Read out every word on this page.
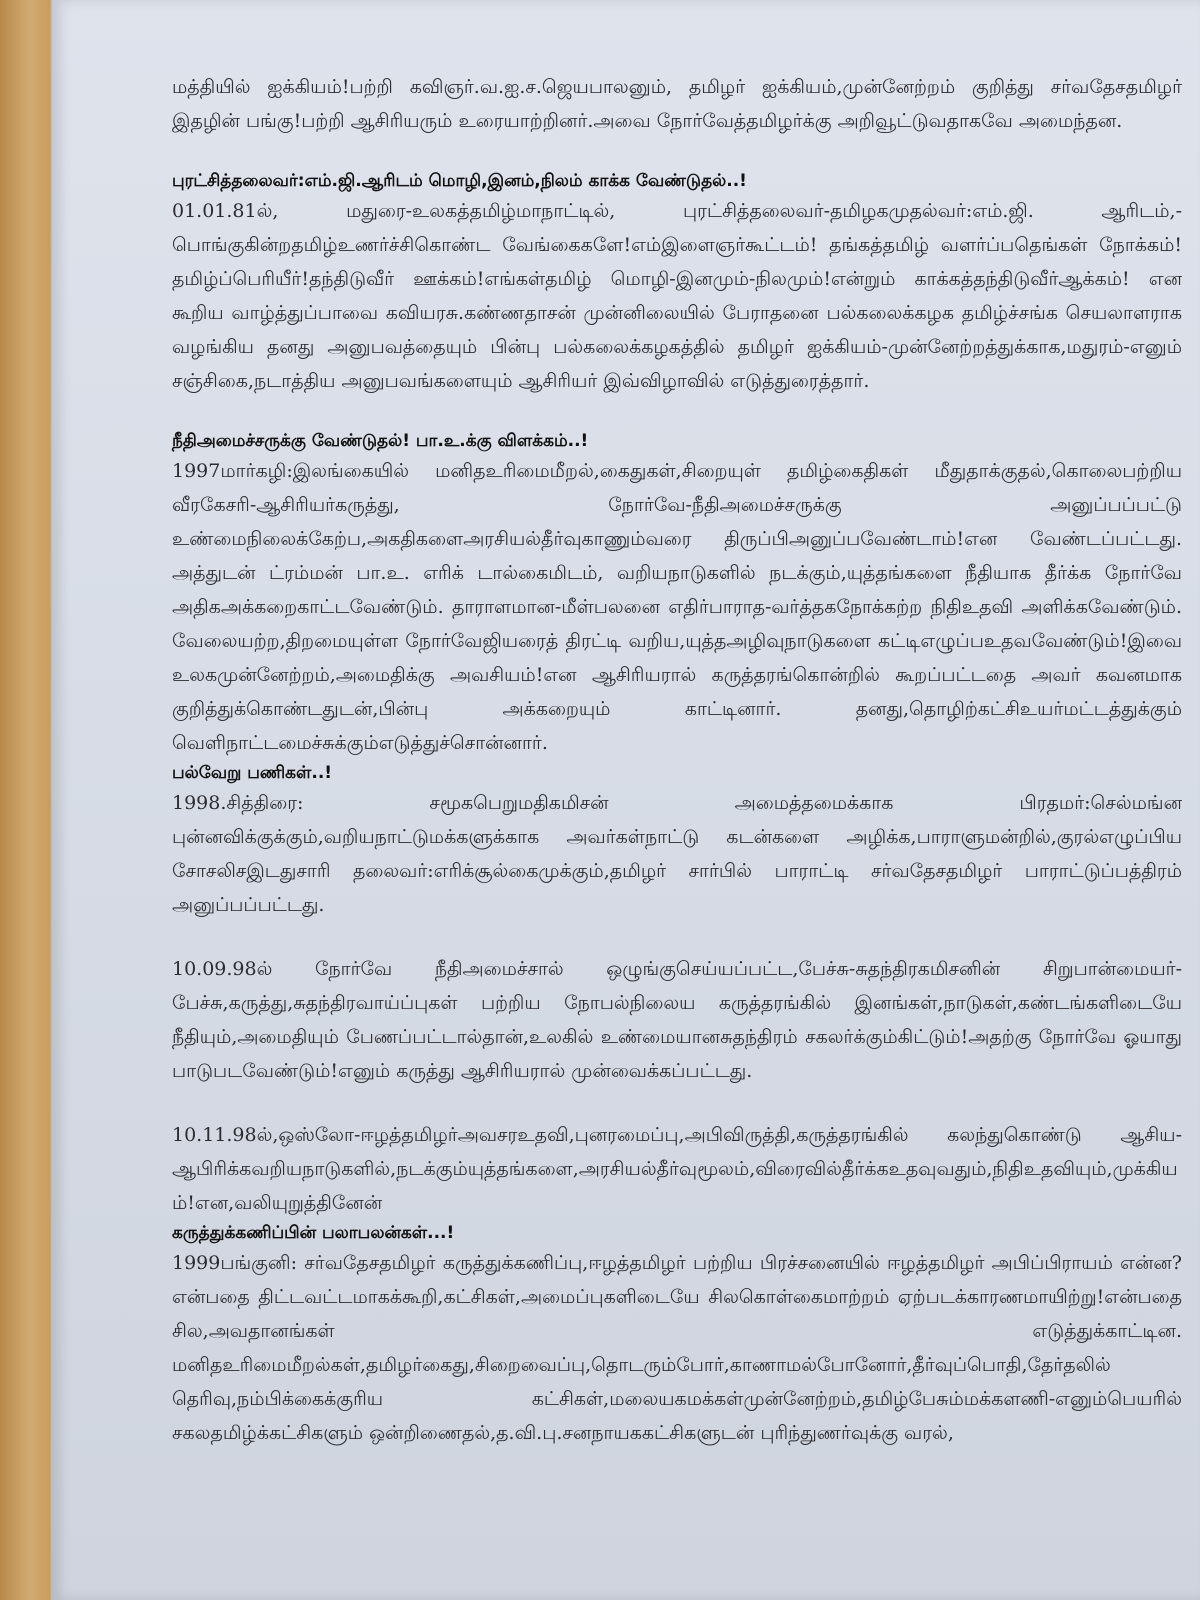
மத்தியில் ஐக்கியம்!பற்றி கவிஞர்.வ.ஐ.ச.ஜெயபாலனும், தமிழர் ஐக்கியம்,முன்னேற்றம் குறித்து சர்வதேசதமிழர் இதழின் பங்கு!பற்றி ஆசிரியரும் உரையாற்றினர்.அவை நோர்வேத்தமிழர்க்கு அறிவூட்டுவதாகவே அமைந்தன.

புரட்சித்தலைவர்:எம்.ஜி.ஆரிடம் மொழி,இனம்,நிலம் காக்க வேண்டுதல்..!

01.01.81ல், மதுரை-உலகத்தமிழ்மாநாட்டில், புரட்சித்தலைவர்-தமிழகமுதல்வர்:எம்.ஜி. ஆரிடம்,-பொங்குகின்றதமிழ்உணர்ச்சிகொண்ட வேங்கைகளே!எம்இளைஞர்கூட்டம்! தங்கத்தமிழ் வளர்ப்பதெங்கள் நோக்கம்! தமிழ்ப்பெரியீர்!தந்திடுவீர் ஊக்கம்!எங்கள்தமிழ் மொழி-இனமும்-நிலமும்!என்றும் காக்கத்தந்திடுவீர்ஆக்கம்! என கூறிய வாழ்த்துப்பாவை கவியரசு.கண்ணதாசன் முன்னிலையில் பேராதனை பல்கலைக்கழக தமிழ்ச்சங்க செயலாளராக வழங்கிய தனது அனுபவத்தையும் பின்பு பல்கலைக்கழகத்தில் தமிழர் ஐக்கியம்-முன்னேற்றத்துக்காக,மதுரம்-எனும் சஞ்சிகை,நடாத்திய அனுபவங்களையும் ஆசிரியர் இவ்விழாவில் எடுத்துரைத்தார்.

நீதிஅமைச்சருக்கு வேண்டுதல்! பா.உ.க்கு விளக்கம்..!

1997மார்கழி:இலங்கையில் மனிதஉரிமைமீறல்,கைதுகள்,சிறையுள் தமிழ்கைதிகள் மீதுதாக்குதல்,கொலைபற்றிய வீரகேசரி-ஆசிரியர்கருத்து, நோர்வே-நீதிஅமைச்சருக்கு அனுப்பப்பட்டு உண்மைநிலைக்கேற்ப,அகதிகளைஅரசியல்தீர்வுகாணும்வரை திருப்பிஅனுப்பவேண்டாம்!என வேண்டப்பட்டது. அத்துடன் ட்ரம்மன் பா.உ. எரிக் டால்கைமிடம், வறியநாடுகளில் நடக்கும்,யுத்தங்களை நீதியாக தீர்க்க நோர்வே அதிகஅக்கறைகாட்டவேண்டும். தாராளமான-மீள்பலனை எதிர்பாராத-வர்த்தகநோக்கற்ற நிதிஉதவி அளிக்கவேண்டும். வேலையற்ற,திறமையுள்ள நோர்வேஜியரைத் திரட்டி வறிய,யுத்தஅழிவுநாடுகளை கட்டிஎழுப்பஉதவவேண்டும்!இவை உலகமுன்னேற்றம்,அமைதிக்கு அவசியம்!என ஆசிரியரால் கருத்தரங்கொன்றில் கூறப்பட்டதை அவர் கவனமாக குறித்துக்கொண்டதுடன்,பின்பு அக்கறையும் காட்டினார். தனது,தொழிற்கட்சிஉயர்மட்டத்துக்கும் வெளிநாட்டமைச்சுக்கும்எடுத்துச்சொன்னார்.

பல்வேறு பணிகள்..!

1998.சித்திரை: சமூகபெறுமதிகமிசன் அமைத்தமைக்காக பிரதமர்:செல்மங்ன புன்னவிக்குக்கும்,வறியநாட்டுமக்களுக்காக அவர்கள்நாட்டு கடன்களை அழிக்க,பாராளுமன்றில்,குரல்எழுப்பிய சோசலிசஇடதுசாரி தலைவர்:எரிக்சூல்கைமுக்கும்,தமிழர் சார்பில் பாராட்டி சர்வதேசதமிழர் பாராட்டுப்பத்திரம் அனுப்பப்பட்டது.

10.09.98ல் நோர்வே நீதிஅமைச்சால் ஒழுங்குசெய்யப்பட்ட,பேச்சு-சுதந்திரகமிசனின் சிறுபான்மையர்-பேச்சு,கருத்து,சுதந்திரவாய்ப்புகள் பற்றிய நோபல்நிலைய கருத்தரங்கில் இனங்கள்,நாடுகள்,கண்டங்களிடையே நீதியும்,அமைதியும் பேணப்பட்டால்தான்,உலகில் உண்மையானசுதந்திரம் சகலர்க்கும்கிட்டும்!அதற்கு நோர்வே ஓயாது பாடுபடவேண்டும்!எனும் கருத்து ஆசிரியரால் முன்வைக்கப்பட்டது.

10.11.98ல்,ஒஸ்லோ-ஈழத்தமிழர்அவசரஉதவி,புனரமைப்பு,அபிவிருத்தி,கருத்தரங்கில் கலந்துகொண்டு ஆசிய-ஆபிரிக்கவறியநாடுகளில்,நடக்கும்யுத்தங்களை,அரசியல்தீர்வுமூலம்,விரைவில்தீர்க்கஉதவுவதும்,நிதிஉதவியும்,முக்கியம்!என,வலியுறுத்தினேன்

கருத்துக்கணிப்பின் பலாபலன்கள்...!

1999பங்குனி: சர்வதேசதமிழர் கருத்துக்கணிப்பு,ஈழத்தமிழர் பற்றிய பிரச்சனையில் ஈழத்தமிழர் அபிப்பிராயம் என்ன? என்பதை திட்டவட்டமாகக்கூறி,கட்சிகள்,அமைப்புகளிடையே சிலகொள்கைமாற்றம் ஏற்படக்காரணமாயிற்று!என்பதை சில,அவதானங்கள் எடுத்துக்காட்டின. மனிதஉரிமைமீறல்கள்,தமிழர்கைது,சிறைவைப்பு,தொடரும்போர்,காணாமல்போனோர்,தீர்வுப்பொதி,தேர்தலில் தெரிவு,நம்பிக்கைக்குரிய கட்சிகள்,மலையகமக்கள்முன்னேற்றம்,தமிழ்பேசும்மக்களணி-எனும்பெயரில் சகலதமிழ்க்கட்சிகளும் ஒன்றிணைதல்,த.வி.பு.சனநாயககட்சிகளுடன் புரிந்துணர்வுக்கு வரல்,
